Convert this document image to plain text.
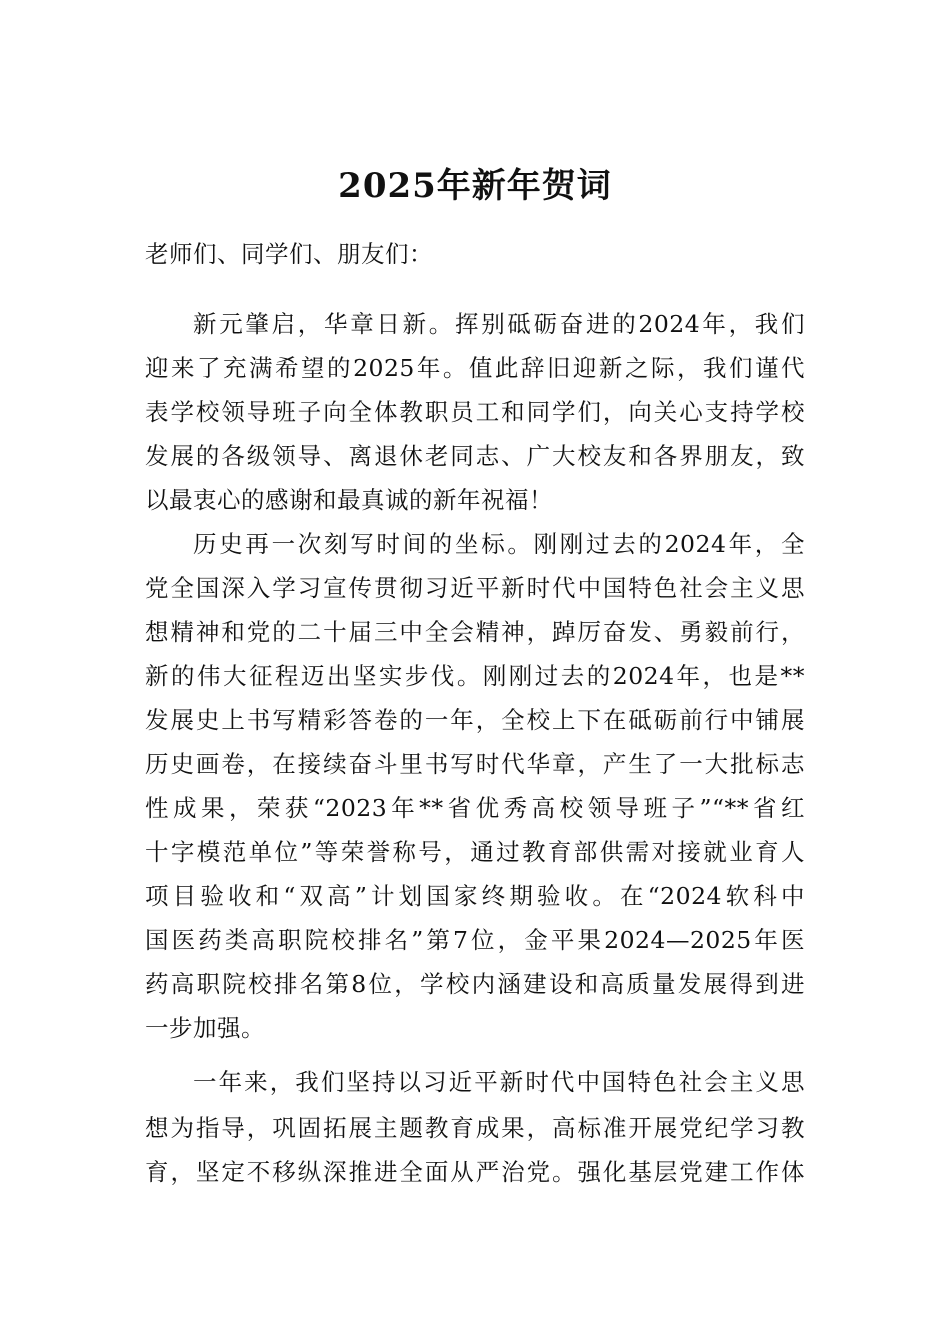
2025年新年贺词
老师们、同学们、朋友们：
新元肇启，华章日新。挥别砥砺奋进的2024年，我们
迎来了充满希望的2025年。值此辞旧迎新之际，我们谨代
表学校领导班子向全体教职员工和同学们，向关心支持学校
发展的各级领导、离退休老同志、广大校友和各界朋友，致
以最衷心的感谢和最真诚的新年祝福！
历史再一次刻写时间的坐标。刚刚过去的2024年，全
党全国深入学习宣传贯彻习近平新时代中国特色社会主义思
想精神和党的二十届三中全会精神，踔厉奋发、勇毅前行，
新的伟大征程迈出坚实步伐。刚刚过去的2024年，也是**
发展史上书写精彩答卷的一年，全校上下在砥砺前行中铺展
历史画卷，在接续奋斗里书写时代华章，产生了一大批标志
性成果，荣获“2023年**省优秀高校领导班子”“**省红
十字模范单位”等荣誉称号，通过教育部供需对接就业育人
项目验收和“双高”计划国家终期验收。在“2024软科中
国医药类高职院校排名”第7位，金平果2024—2025年医
药高职院校排名第8位，学校内涵建设和高质量发展得到进
一步加强。
一年来，我们坚持以习近平新时代中国特色社会主义思
想为指导，巩固拓展主题教育成果，高标准开展党纪学习教
育，坚定不移纵深推进全面从严治党。强化基层党建工作体
